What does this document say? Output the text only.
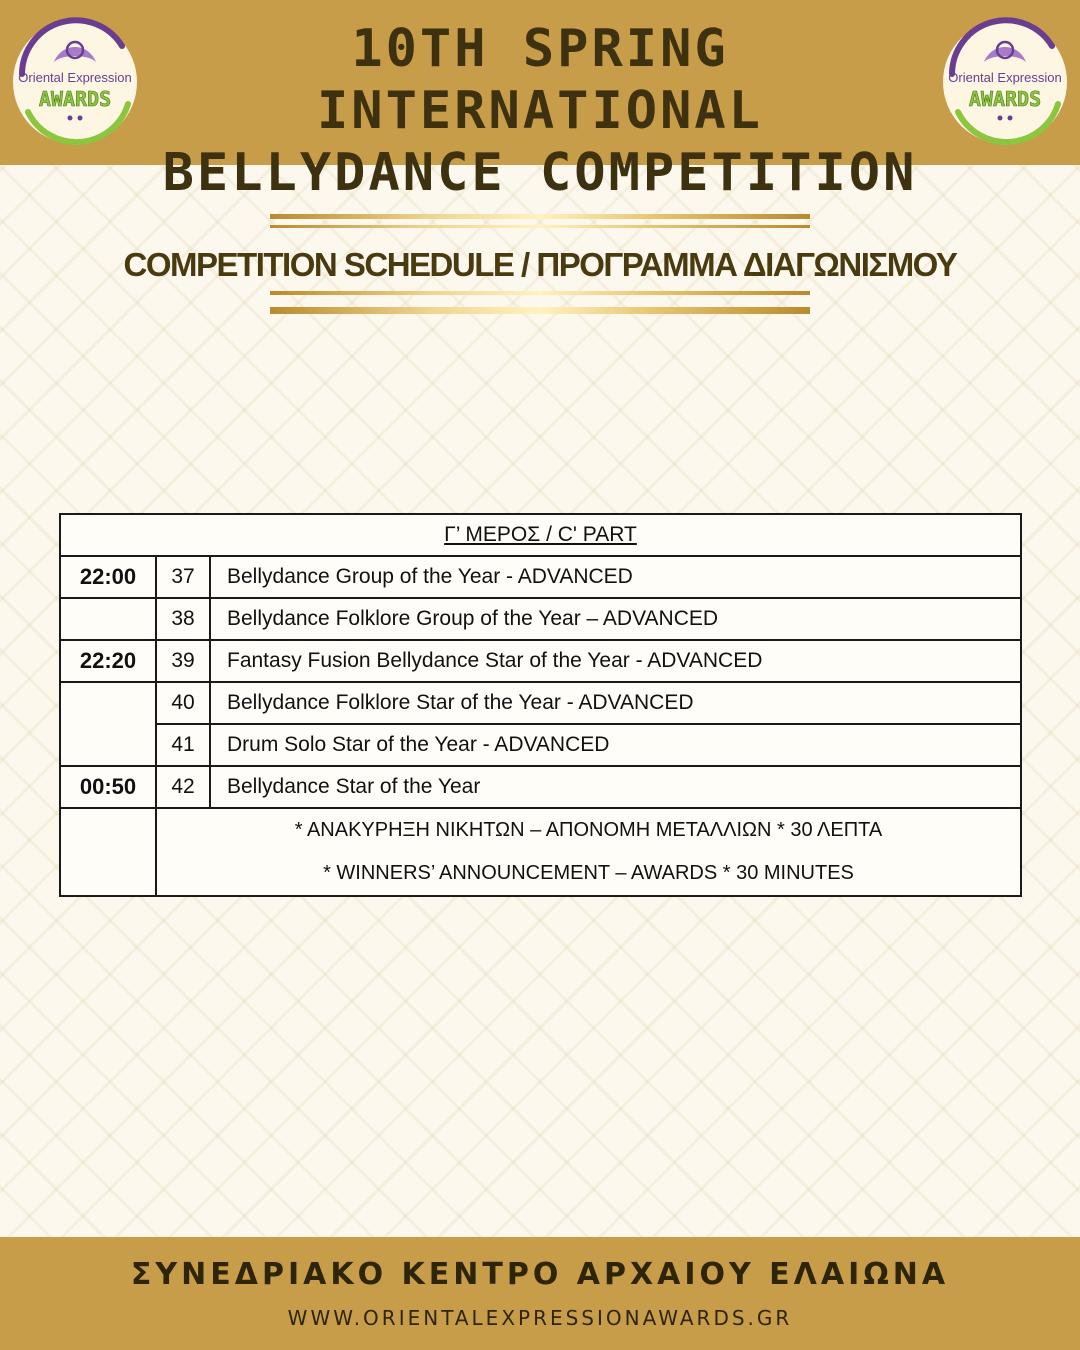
Oriental Expression
AWARDS
10TH SPRING INTERNATIONAL
BELLYDANCE COMPETITION
Oriental Expression
AWARDS
COMPETITION SCHEDULE / ΠΡΟΓΡΑΜΜΑ ΔΙΑΓΩΝΙΣΜΟΥ
Γ’ ΜΕΡΟΣ / C' PART		
22:00	37	Bellydance Group of the Year - ADVANCED
	38	Bellydance Folklore Group of the Year – ADVANCED
22:20	39	Fantasy Fusion Bellydance Star of the Year - ADVANCED
	40	Bellydance Folklore Star of the Year - ADVANCED
	41	Drum Solo Star of the Year - ADVANCED
00:50	42	Bellydance Star of the Year

	* ΑΝΑΚΥΡΗΞΗ ΝΙΚΗΤΩΝ – ΑΠΟΝΟΜΗ ΜΕΤΑΛΛΙΩΝ * 30 ΛΕΠΤΑ
* WINNERS’ ANNOUNCEMENT – AWARDS * 30 MINUTES	
ΣΥΝΕΔΡΙΑΚΟ ΚΕΝΤΡΟ ΑΡΧΑΙΟΥ ΕΛΑΙΩΝΑ
WWW.ORIENTALEXPRESSIONAWARDS.GR
